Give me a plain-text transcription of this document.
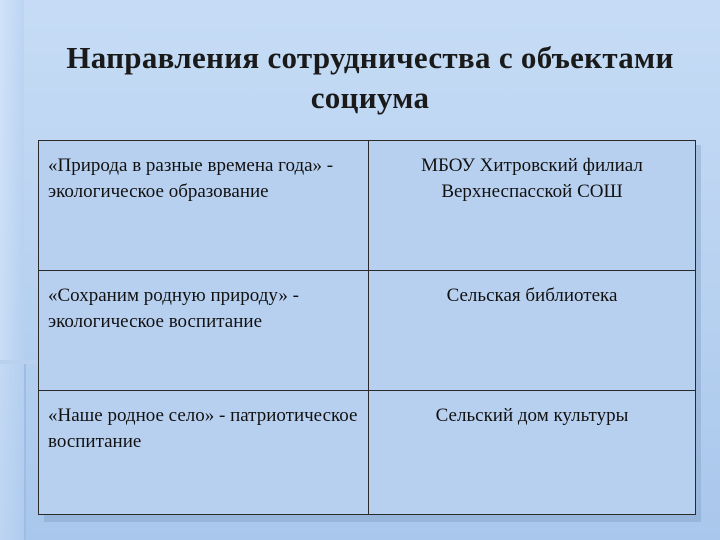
Направления сотрудничества с объектами социума
«Природа в разные времена года» - экологическое образование	МБОУ Хитровский филиал Верхнеспасской СОШ
«Сохраним родную природу» - экологическое воспитание	Сельская библиотека
«Наше родное село» - патриотическое воспитание	Сельский дом культуры
